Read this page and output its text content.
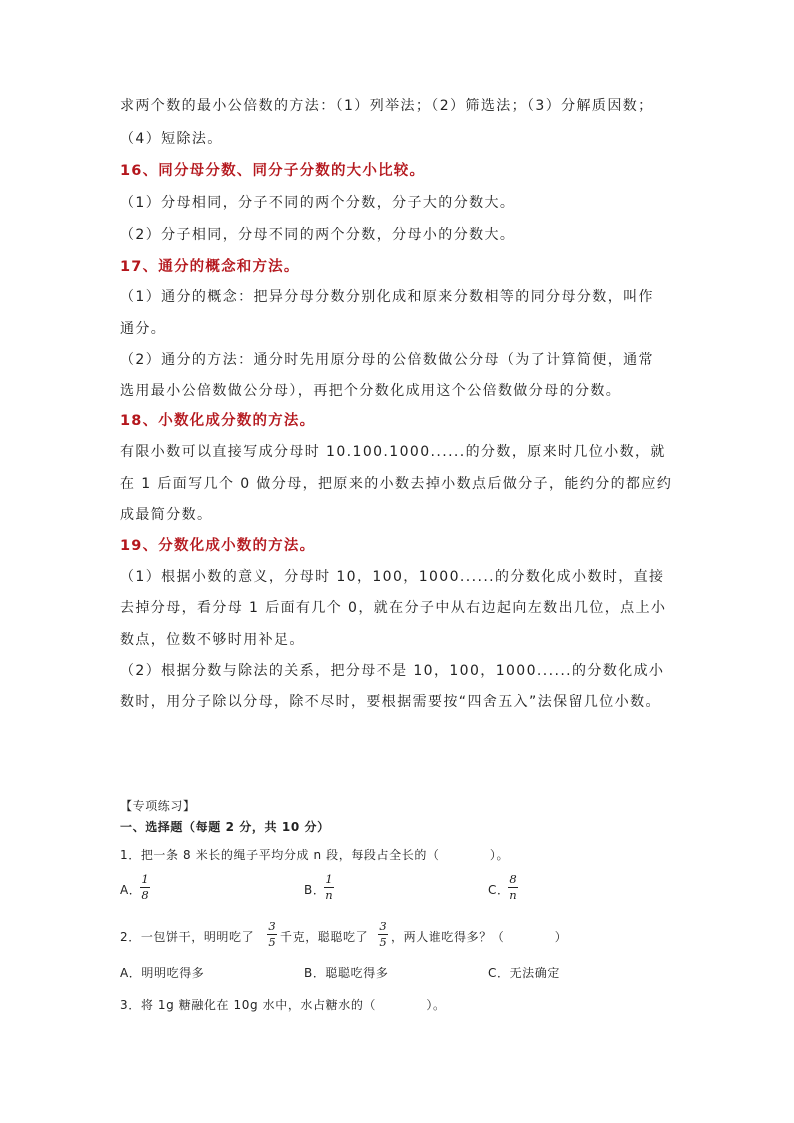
求两个数的最小公倍数的方法：（1）列举法；（2）筛选法；（3）分解质因数；
（4）短除法。
16、同分母分数、同分子分数的大小比较。
（1）分母相同，分子不同的两个分数，分子大的分数大。
（2）分子相同，分母不同的两个分数，分母小的分数大。
17、通分的概念和方法。
（1）通分的概念：把异分母分数分别化成和原来分数相等的同分母分数，叫作
通分。
（2）通分的方法：通分时先用原分母的公倍数做公分母（为了计算简便，通常
选用最小公倍数做公分母），再把个分数化成用这个公倍数做分母的分数。
18、小数化成分数的方法。
有限小数可以直接写成分母时 10.100.1000......的分数，原来时几位小数，就
在 1 后面写几个 0 做分母，把原来的小数去掉小数点后做分子，能约分的都应约
成最简分数。
19、分数化成小数的方法。
（1）根据小数的意义，分母时 10，100，1000......的分数化成小数时，直接
去掉分母，看分母 1 后面有几个 0，就在分子中从右边起向左数出几位，点上小
数点，位数不够时用补足。
（2）根据分数与除法的关系，把分母不是 10，100，1000......的分数化成小
数时，用分子除以分母，除不尽时，要根据需要按“四舍五入”法保留几位小数。
【专项练习】
一、选择题（每题 2 分，共 10 分）
1．把一条 8 米长的绳子平均分成 n 段，每段占全长的（　　　　）。
A．
1
8	B．
1
n	C．
8
n
2．一包饼干，明明吃了
3
5 千克，聪聪吃了
3
5 ，两人谁吃得多？（　　　　）
A．明明吃得多	B．聪聪吃得多	C．无法确定
3．将 1g 糖融化在 10g 水中，水占糖水的（　　　　）。
